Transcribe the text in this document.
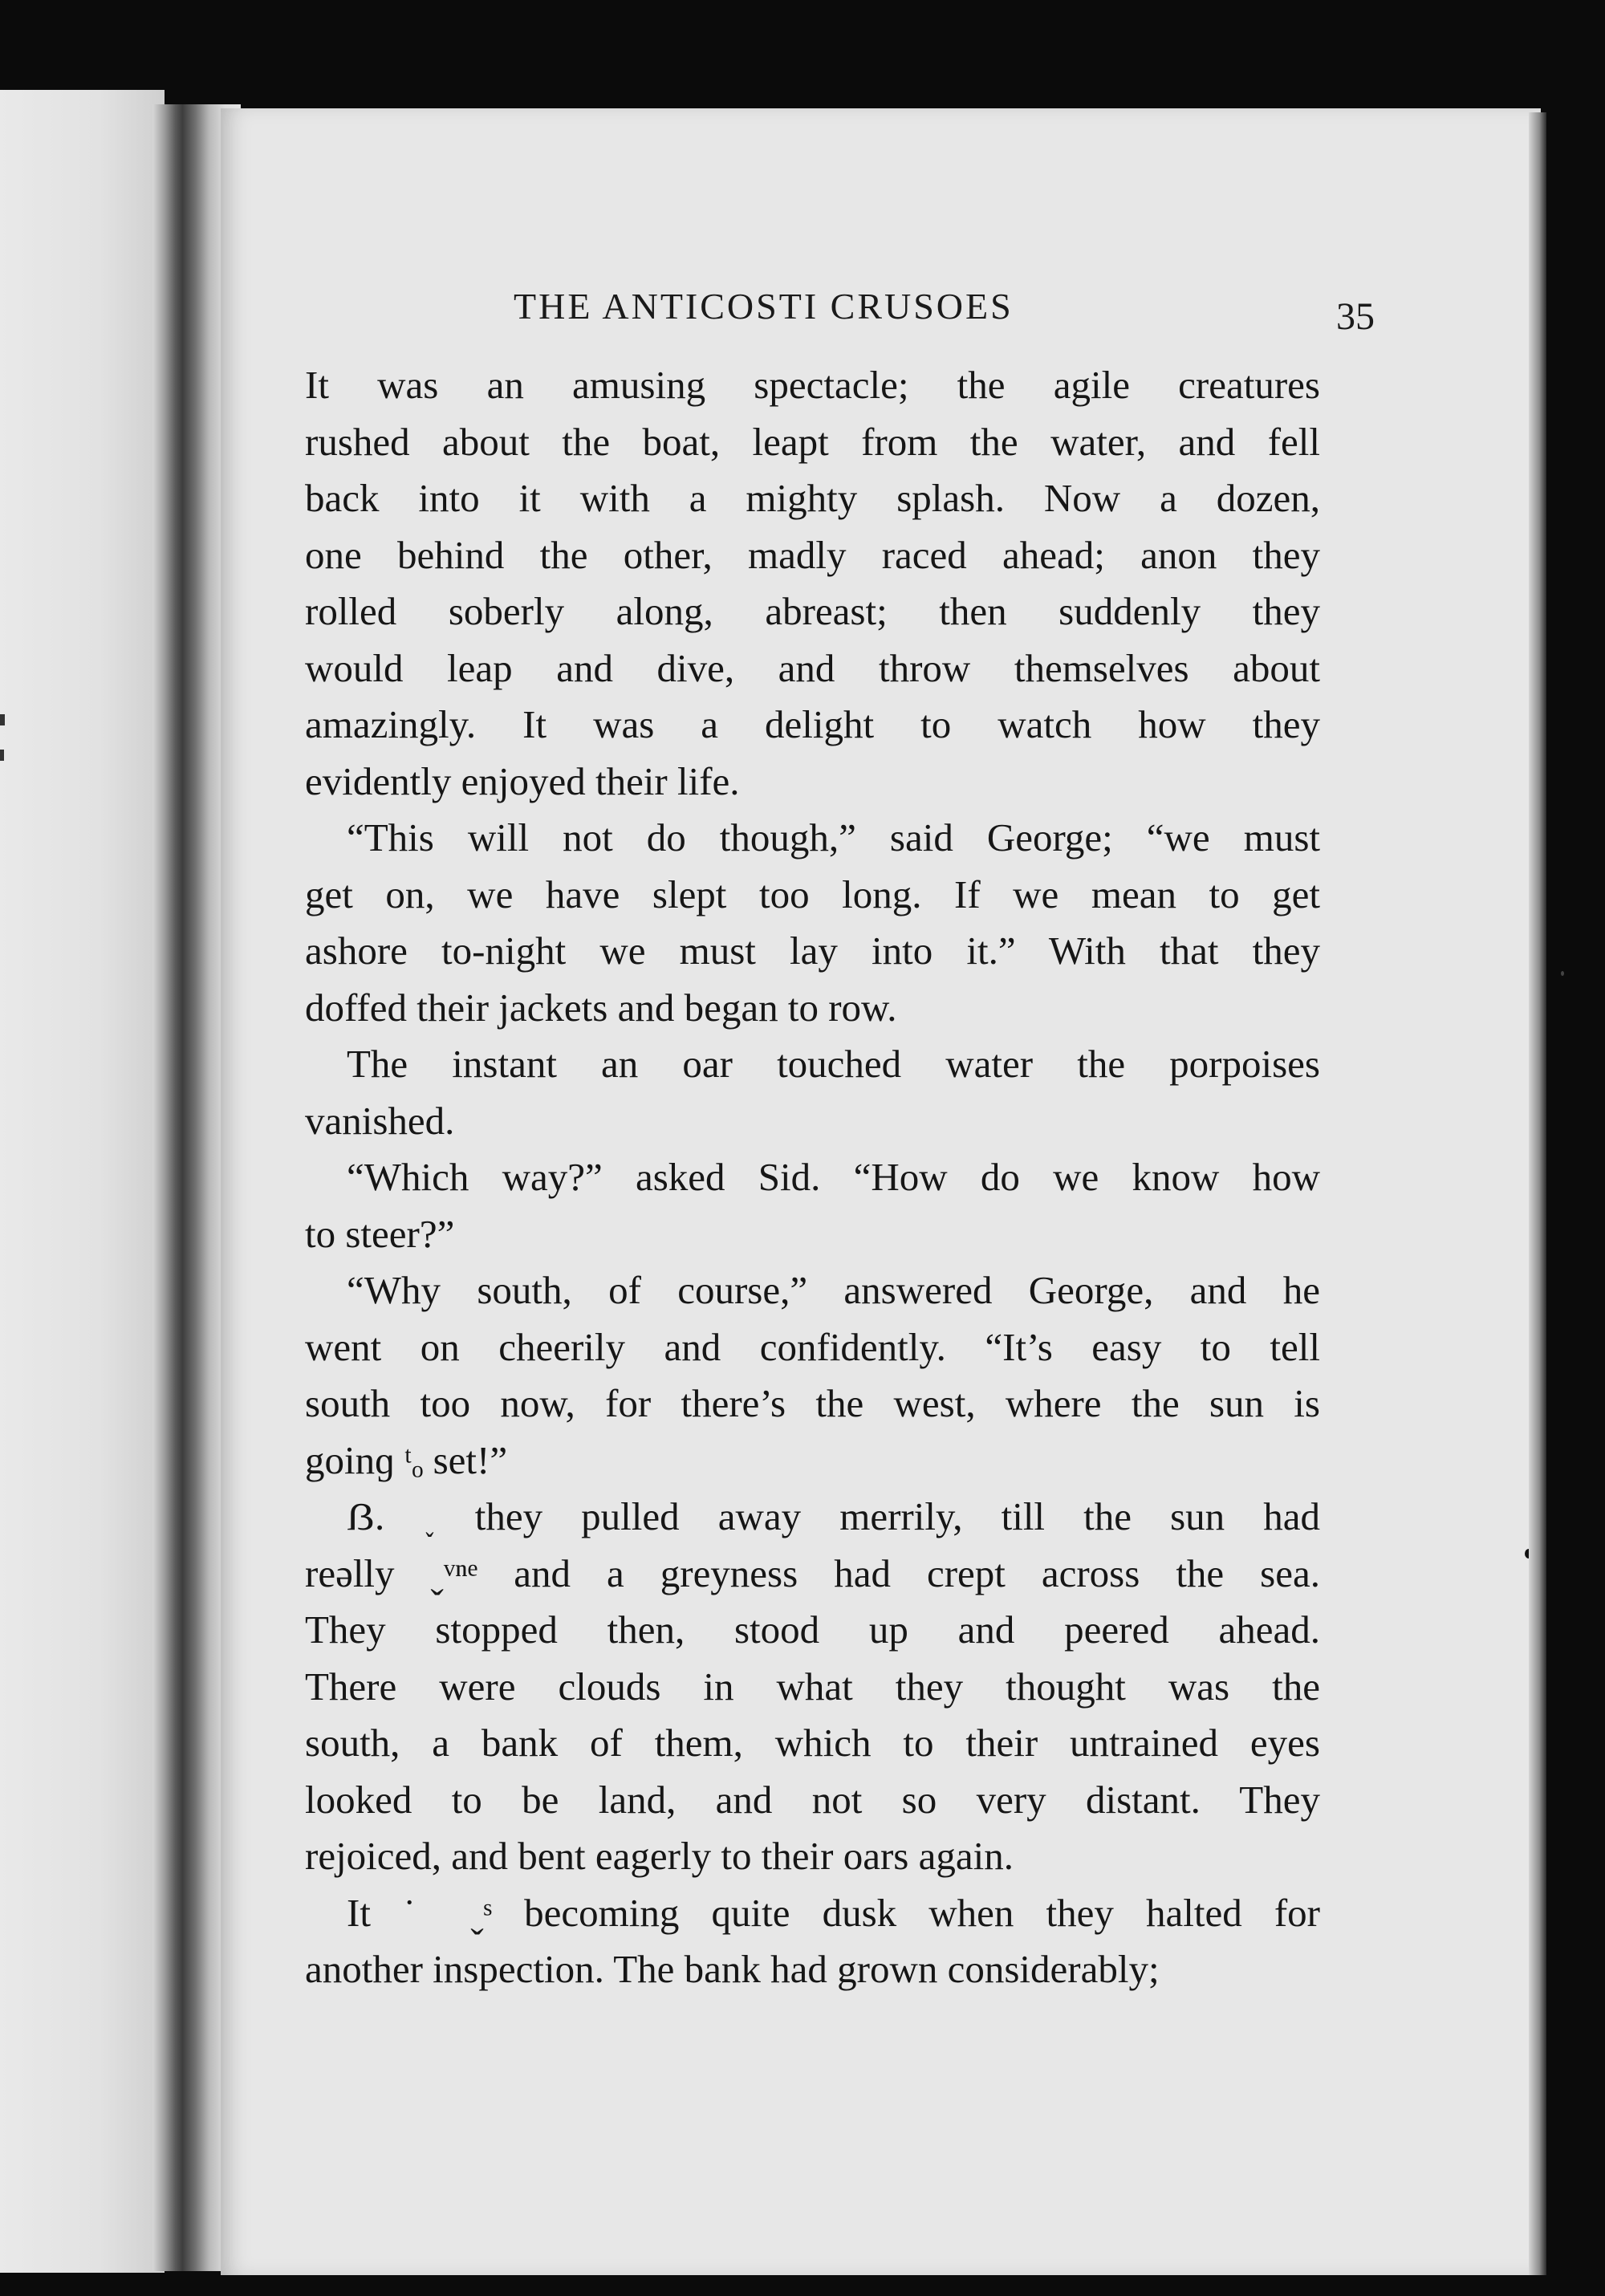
THE ANTICOSTI CRUSOES	35

It was an amusing spectacle; the agile creatures
rushed about the boat, leapt from the water, and fell
back into it with a mighty splash. Now a dozen,
one behind the other, madly raced ahead; anon they
rolled soberly along, abreast; then suddenly they
would leap and dive, and throw themselves about
amazingly. It was a delight to watch how they
evidently enjoyed their life.

“This will not do though,” said George; “we must
get on, we have slept too long. If we mean to get
ashore to-night we must lay into it.” With that they
doffed their jackets and began to row.

The instant an oar touched water the porpoises
vanished.

“Which way?” asked Sid. “How do we know how
to steer?”

“Why south, of course,” answered George, and he
went on cheerily and confidently. “It’s easy to tell
south too now, for there’s the west, where the sun is
goinɡ ᵗₒ set!”

ẞ. ˯ they pulled away merrily, till the sun had
reəlly ˬᵛⁿᵉ and a greyness had crept across the sea.
They stopped then, stood up and peered ahead.
There were clouds in what they thought was the
south, a bank of them, which to their untrained eyes
looked to be land, and not so very distant. They
rejoiced, and bent eagerly to their oars again.

It ˙ ˬˢ becoming quite dusk when they halted for
another inspection. The bank had grown considerably;
